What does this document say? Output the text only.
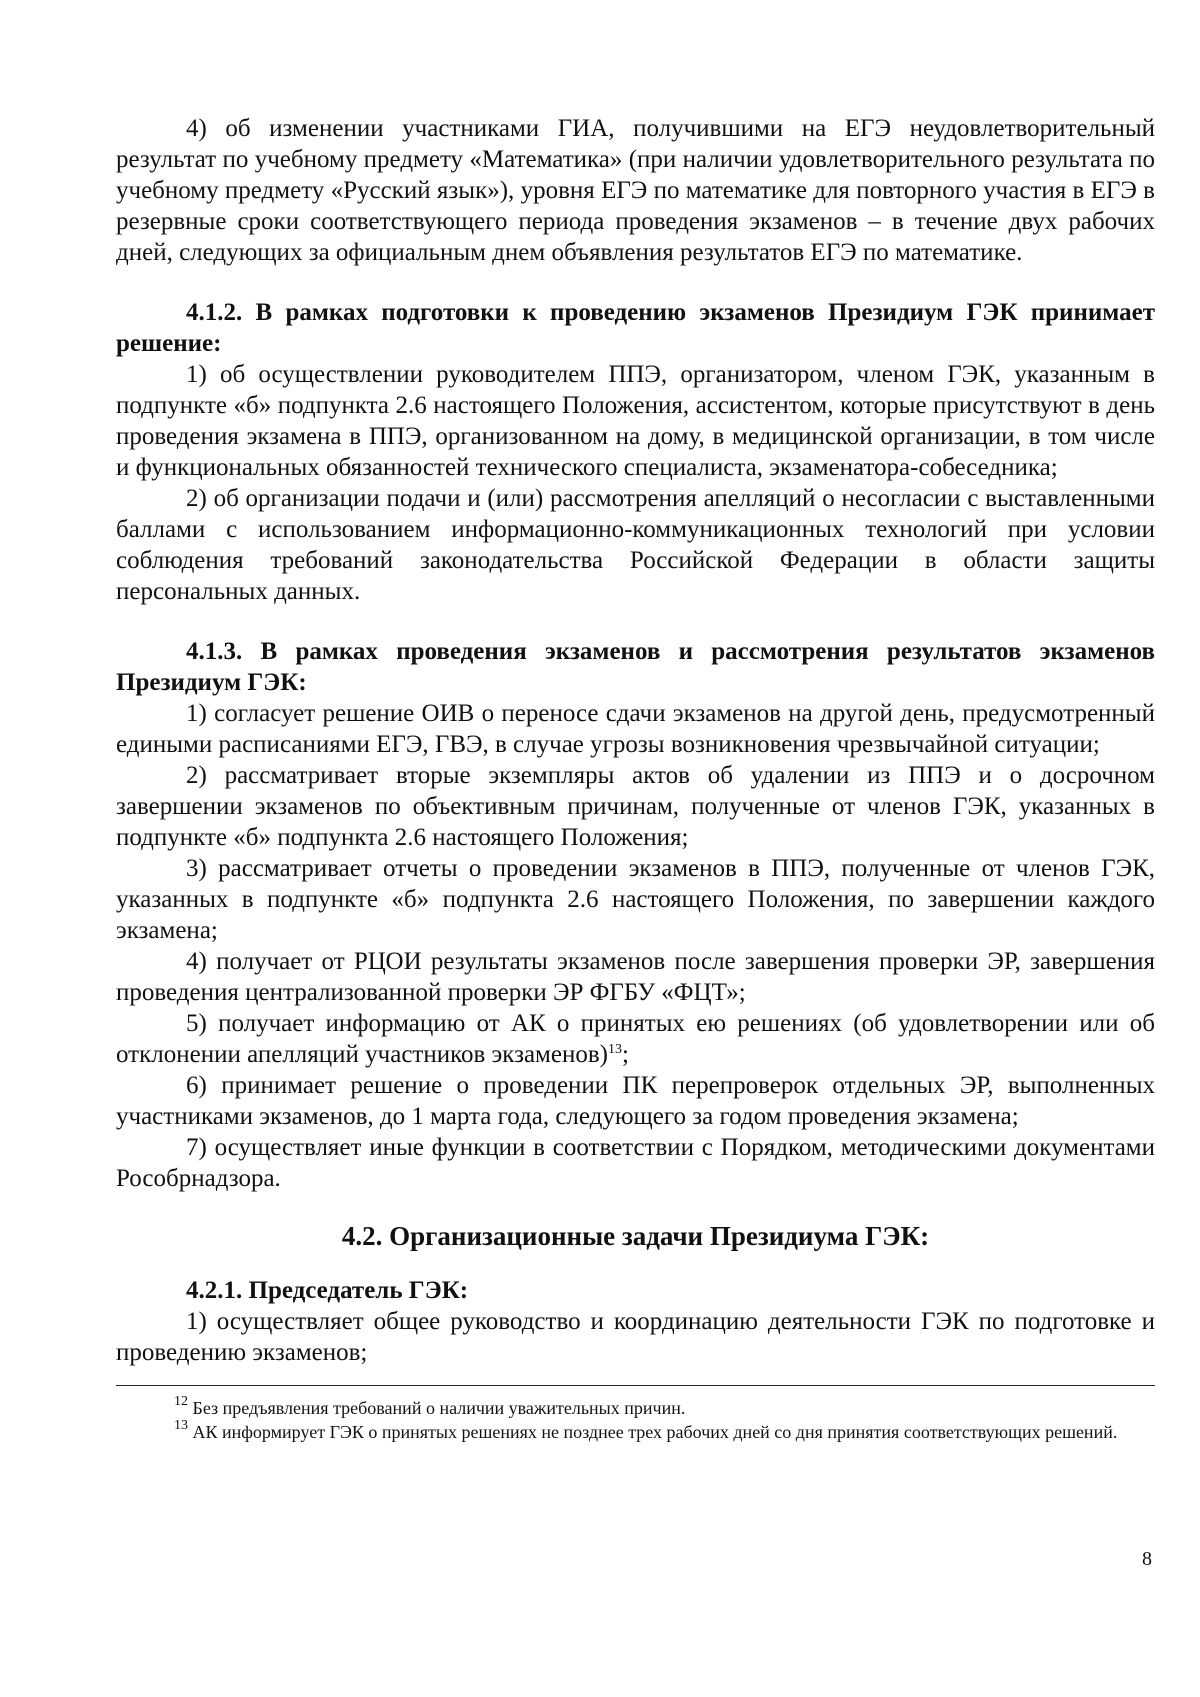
4) об изменении участниками ГИА, получившими на ЕГЭ неудовлетворительный результат по учебному предмету «Математика» (при наличии удовлетворительного результата по учебному предмету «Русский язык»), уровня ЕГЭ по математике для повторного участия в ЕГЭ в резервные сроки соответствующего периода проведения экзаменов – в течение двух рабочих дней, следующих за официальным днем объявления результатов ЕГЭ по математике.

4.1.2. В рамках подготовки к проведению экзаменов Президиум ГЭК принимает решение:

1) об осуществлении руководителем ППЭ, организатором, членом ГЭК, указанным в подпункте «б» подпункта 2.6 настоящего Положения, ассистентом, которые присутствуют в день проведения экзамена в ППЭ, организованном на дому, в медицинской организации, в том числе и функциональных обязанностей технического специалиста, экзаменатора-собеседника;

2) об организации подачи и (или) рассмотрения апелляций о несогласии с выставленными баллами с использованием информационно-коммуникационных технологий при условии соблюдения требований законодательства Российской Федерации в области защиты персональных данных.

4.1.3. В рамках проведения экзаменов и рассмотрения результатов экзаменов Президиум ГЭК:

1) согласует решение ОИВ о переносе сдачи экзаменов на другой день, предусмотренный едиными расписаниями ЕГЭ, ГВЭ, в случае угрозы возникновения чрезвычайной ситуации;

2) рассматривает вторые экземпляры актов об удалении из ППЭ и о досрочном завершении экзаменов по объективным причинам, полученные от членов ГЭК, указанных в подпункте «б» подпункта 2.6 настоящего Положения;

3) рассматривает отчеты о проведении экзаменов в ППЭ, полученные от членов ГЭК, указанных в подпункте «б» подпункта 2.6 настоящего Положения, по завершении каждого экзамена;

4) получает от РЦОИ результаты экзаменов после завершения проверки ЭР, завершения проведения централизованной проверки ЭР ФГБУ «ФЦТ»;

5) получает информацию от АК о принятых ею решениях (об удовлетворении или об отклонении апелляций участников экзаменов)$^{13}$;

6) принимает решение о проведении ПК перепроверок отдельных ЭР, выполненных участниками экзаменов, до 1 марта года, следующего за годом проведения экзамена;

7) осуществляет иные функции в соответствии с Порядком, методическими документами Рособрнадзора.

4.2. Организационные задачи Президиума ГЭК:

4.2.1. Председатель ГЭК:

1) осуществляет общее руководство и координацию деятельности ГЭК по подготовке и проведению экзаменов;

$^{12}$ Без предъявления требований о наличии уважительных причин.

$^{13}$ АК информирует ГЭК о принятых решениях не позднее трех рабочих дней со дня принятия соответствующих решений.

8
